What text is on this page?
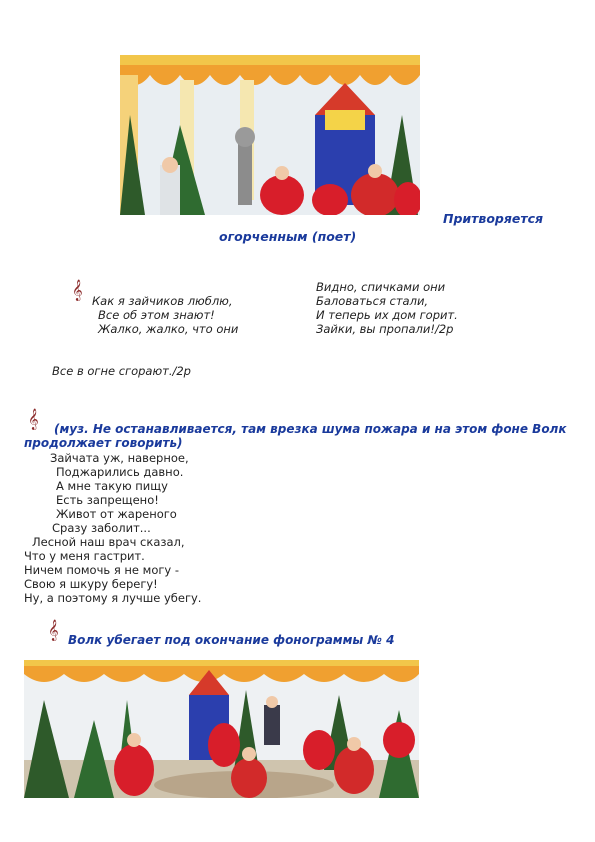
Притворяется
огорченным (поет)
𝄞 Как я зайчиков люблю,
Все об этом знают!
Жалко, жалко, что они
Видно, спичками они
Баловаться стали,
И теперь их дом горит.
Зайки, вы пропали!/2р
Все в огне сгорают./2р
𝄞	(муз. Не останавливается, там врезка шума пожара и на этом фоне Волк
продолжает говорить)
Зайчата уж, наверное,
Поджарились давно.
А мне такую пищу
Есть запрещено!
Живот от жареного
Сразу заболит...
Лесной наш врач сказал,
Что у меня гастрит.
Ничем помочь я не могу -
Свою я шкуру берегу!
Ну, а поэтому я лучше убегу.
𝄞 Волк убегает под окончание фонограммы № 4
